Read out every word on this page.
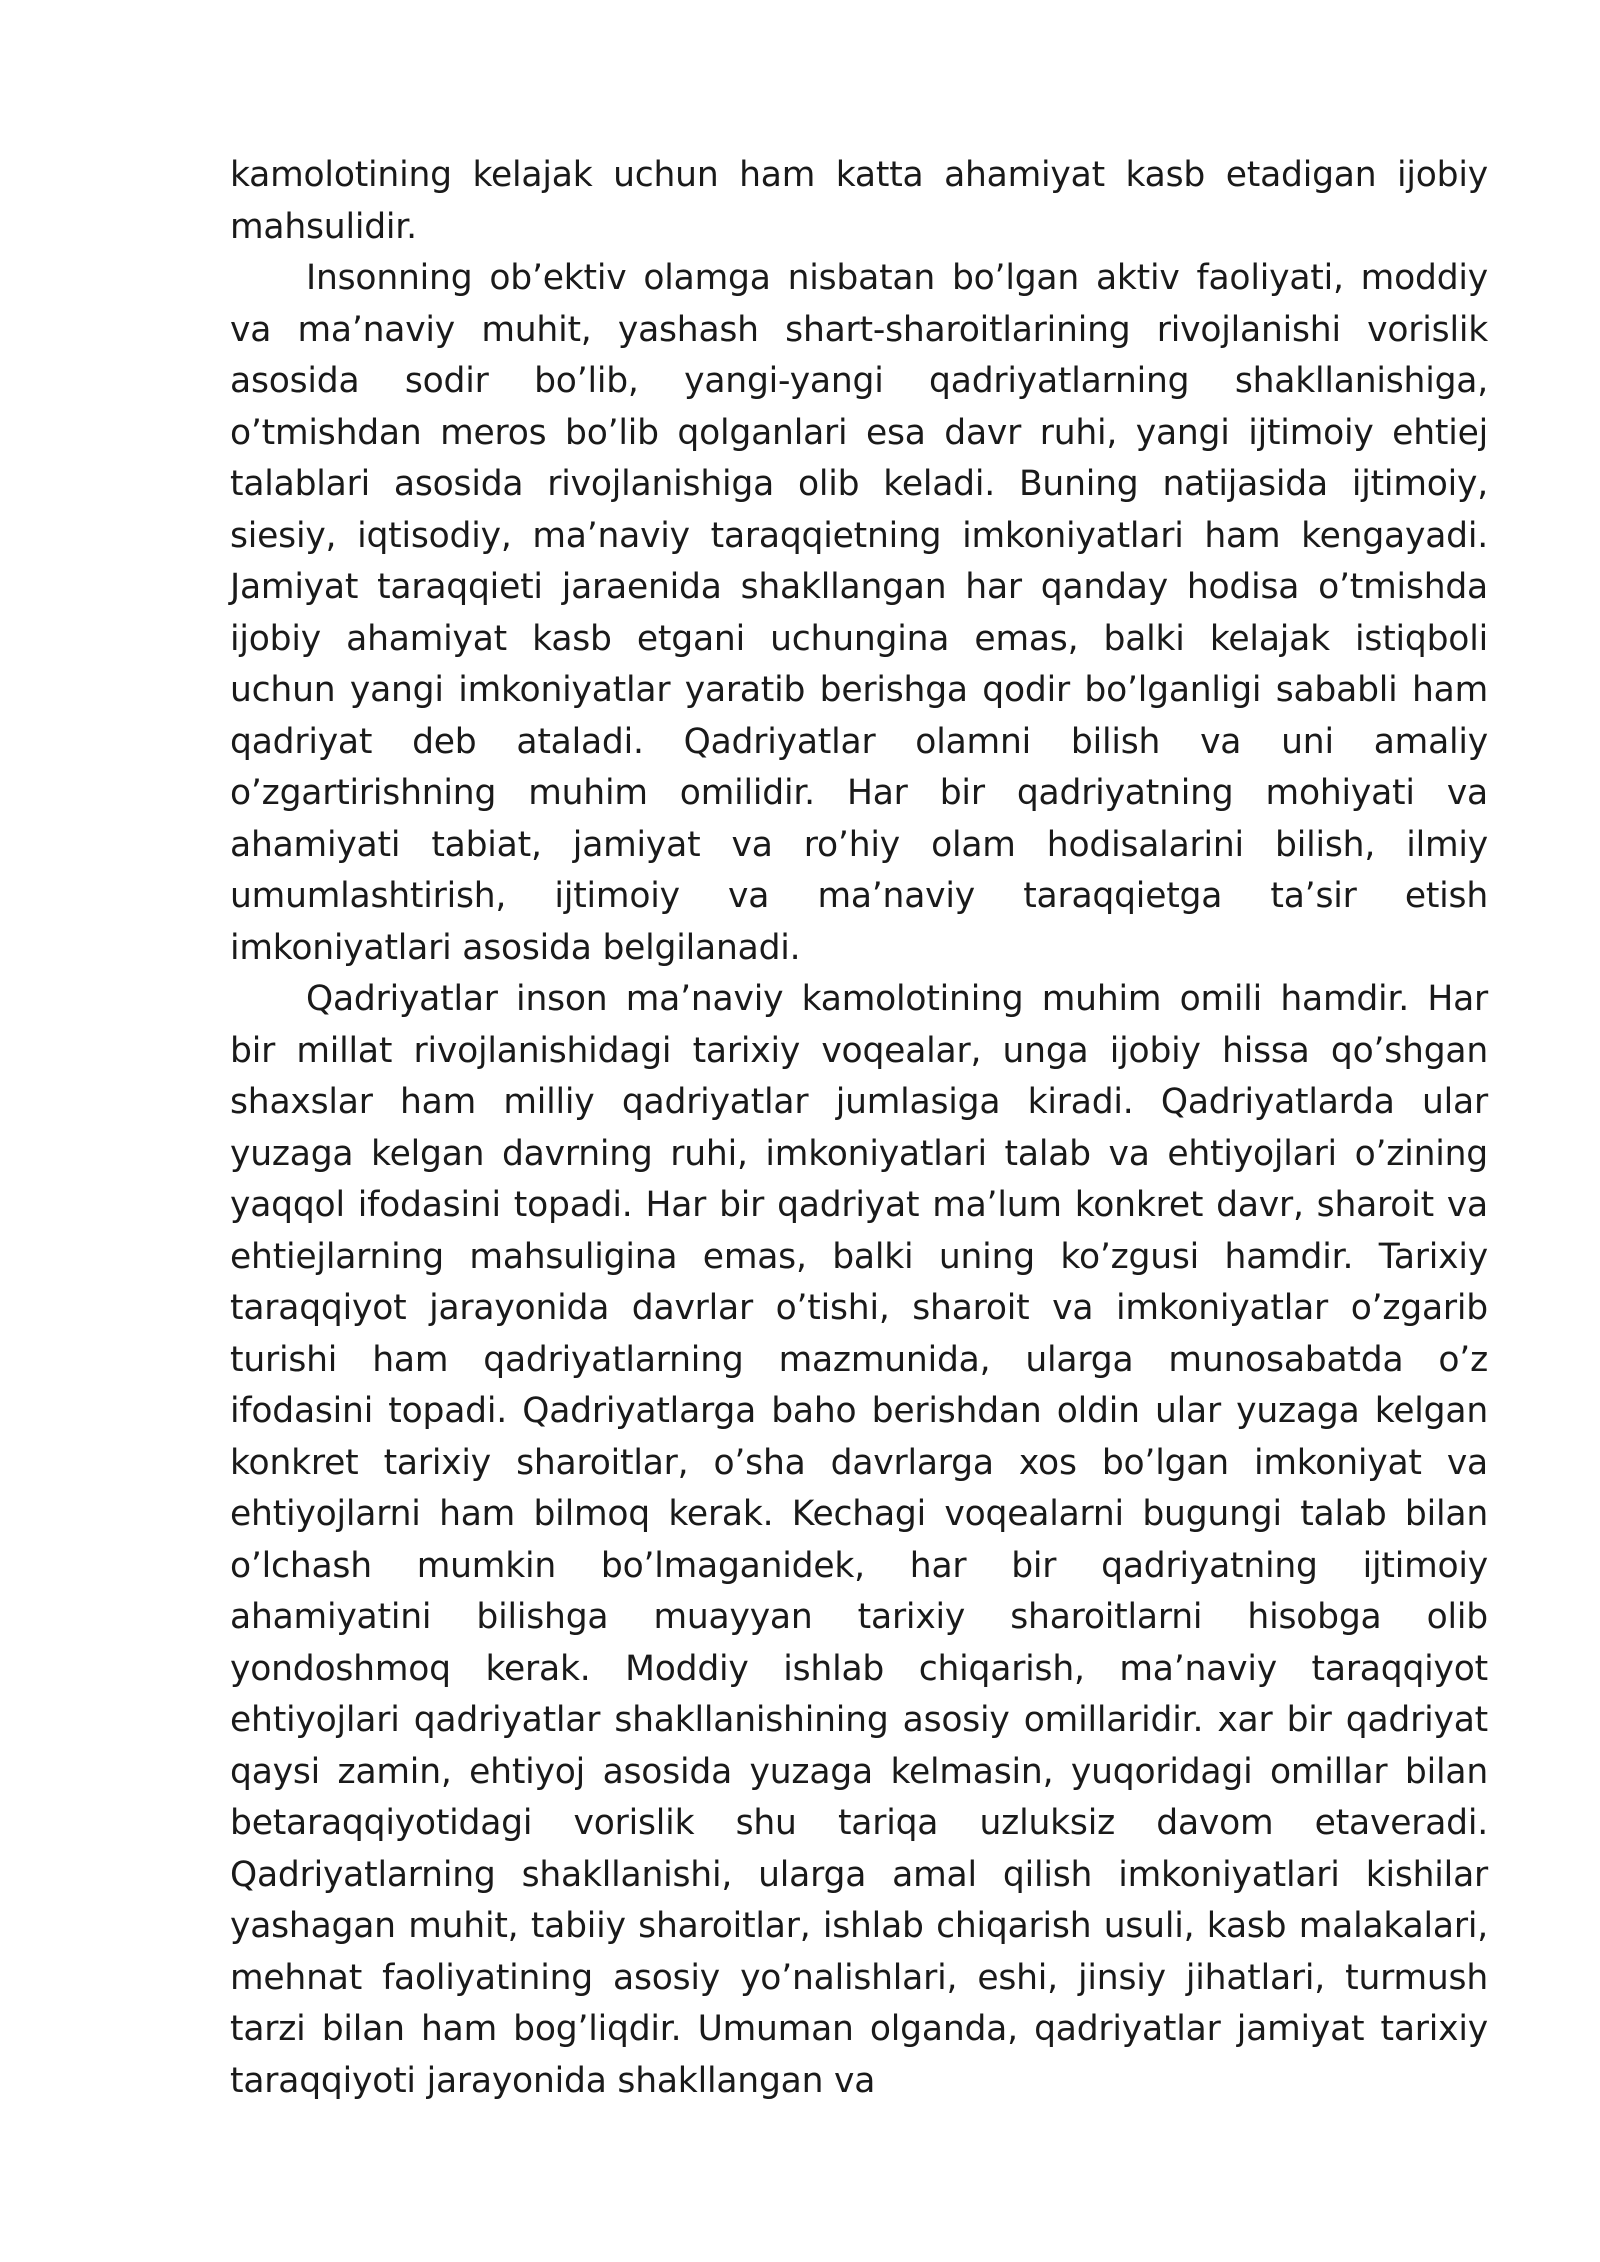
kamolotining kelajak uchun ham katta ahamiyat kasb etadigan ijobiy mahsulidir.

Insonning ob’ektiv olamga nisbatan bo’lgan aktiv faoliyati, moddiy va ma’naviy muhit, yashash shart-sharoitlarining rivojlanishi vorislik asosida sodir bo’lib, yangi-yangi qadriyatlarning shakllanishiga, o’tmishdan meros bo’lib qolganlari esa davr ruhi, yangi ijtimoiy ehtiej talablari asosida rivojlanishiga olib keladi. Buning natijasida ijtimoiy, siesiy, iqtisodiy, ma’naviy taraqqietning imkoniyatlari ham kengayadi. Jamiyat taraqqieti jaraenida shakllangan har qanday hodisa o’tmishda ijobiy ahamiyat kasb etgani uchungina emas, balki kelajak istiqboli uchun yangi imkoniyatlar yaratib berishga qodir bo’lganligi sababli ham qadriyat deb ataladi. Qadriyatlar olamni bilish va uni amaliy o’zgartirishning muhim omilidir. Har bir qadriyatning mohiyati va ahamiyati tabiat, jamiyat va ro’hiy olam hodisalarini bilish, ilmiy umumlashtirish, ijtimoiy va ma’naviy taraqqietga ta’sir etish imkoniyatlari asosida belgilanadi.

Qadriyatlar inson ma’naviy kamolotining muhim omili hamdir. Har bir millat rivojlanishidagi tarixiy voqealar, unga ijobiy hissa qo’shgan shaxslar ham milliy qadriyatlar jumlasiga kiradi. Qadriyatlarda ular yuzaga kelgan davrning ruhi, imkoniyatlari talab va ehtiyojlari o’zining yaqqol ifodasini topadi. Har bir qadriyat ma’lum konkret davr, sharoit va ehtiejlarning mahsuligina emas, balki uning ko’zgusi hamdir. Tarixiy taraqqiyot jarayonida davrlar o’tishi, sharoit va imkoniyatlar o’zgarib turishi ham qadriyatlarning mazmunida, ularga munosabatda o’z ifodasini topadi. Qadriyatlarga baho berishdan oldin ular yuzaga kelgan konkret tarixiy sharoitlar, o’sha davrlarga xos bo’lgan imkoniyat va ehtiyojlarni ham bilmoq kerak. Kechagi voqealarni bugungi talab bilan o’lchash mumkin bo’lmaganidek, har bir qadriyatning ijtimoiy ahamiyatini bilishga muayyan tarixiy sharoitlarni hisobga olib yondoshmoq kerak. Moddiy ishlab chiqarish, ma’naviy taraqqiyot ehtiyojlari qadriyatlar shakllanishining asosiy omillaridir. xar bir qadriyat qaysi zamin, ehtiyoj asosida yuzaga kelmasin, yuqoridagi omillar bilan betaraqqiyotidagi vorislik shu tariqa uzluksiz davom etaveradi. Qadriyatlarning shakllanishi, ularga amal qilish imkoniyatlari kishilar yashagan muhit, tabiiy sharoitlar, ishlab chiqarish usuli, kasb malakalari, mehnat faoliyatining asosiy yo’nalishlari, eshi, jinsiy jihatlari, turmush tarzi bilan ham bog’liqdir. Umuman olganda, qadriyatlar jamiyat tarixiy taraqqiyoti jarayonida shakllangan va
